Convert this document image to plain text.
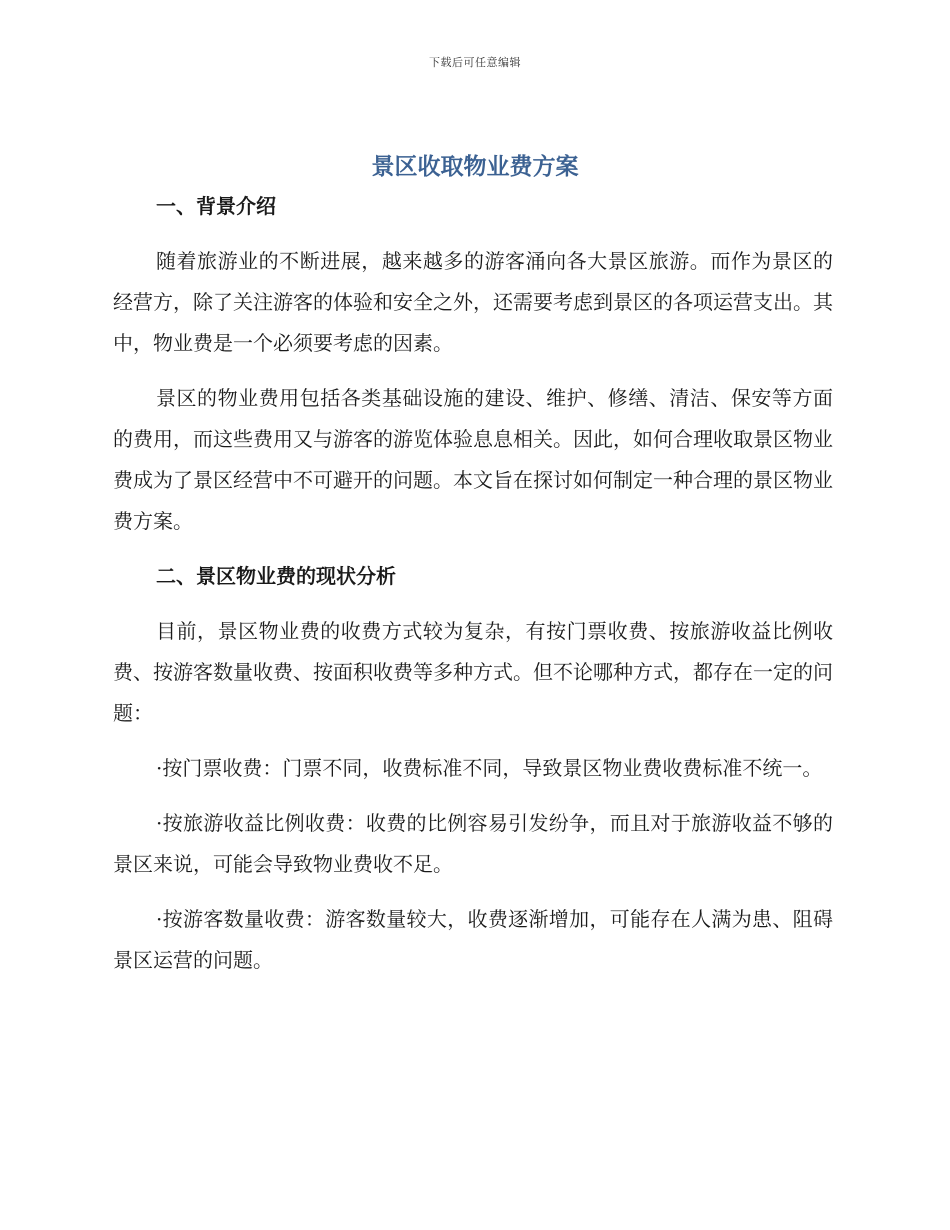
下载后可任意编辑
景区收取物业费方案
一、背景介绍

随着旅游业的不断进展，越来越多的游客涌向各大景区旅游。而作为景区的经营方，除了关注游客的体验和安全之外，还需要考虑到景区的各项运营支出。其中，物业费是一个必须要考虑的因素。

景区的物业费用包括各类基础设施的建设、维护、修缮、清洁、保安等方面的费用，而这些费用又与游客的游览体验息息相关。因此，如何合理收取景区物业费成为了景区经营中不可避开的问题。本文旨在探讨如何制定一种合理的景区物业费方案。

二、景区物业费的现状分析

目前，景区物业费的收费方式较为复杂，有按门票收费、按旅游收益比例收费、按游客数量收费、按面积收费等多种方式。但不论哪种方式，都存在一定的问题：

·按门票收费：门票不同，收费标准不同，导致景区物业费收费标准不统一。

·按旅游收益比例收费：收费的比例容易引发纷争，而且对于旅游收益不够的景区来说，可能会导致物业费收不足。

·按游客数量收费：游客数量较大，收费逐渐增加，可能存在人满为患、阻碍景区运营的问题。
